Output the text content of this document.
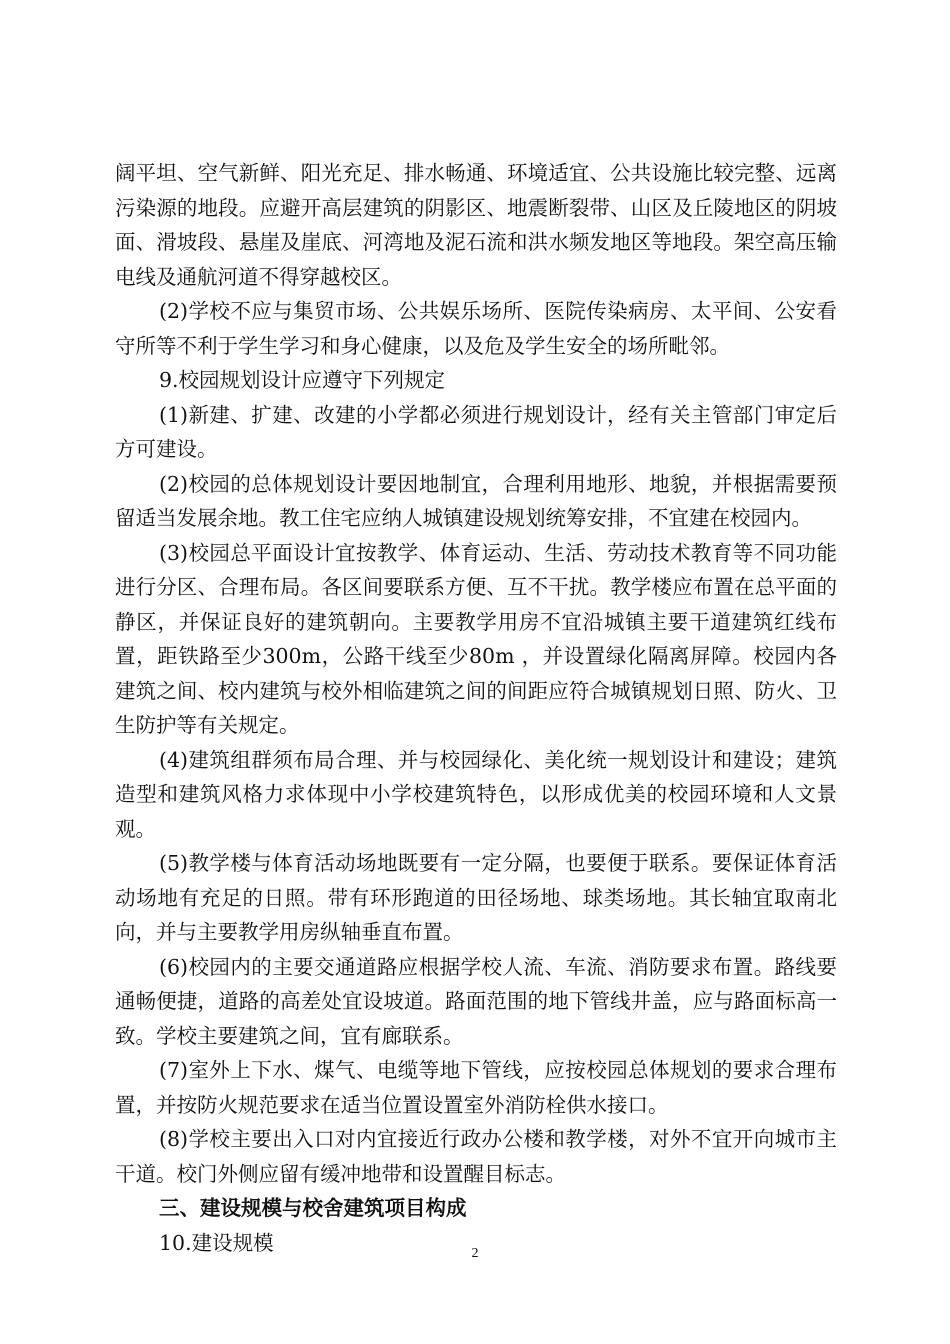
阔平坦、空气新鲜、阳光充足、排水畅通、环境适宜、公共设施比较完整、远离污染源的地段。应避开高层建筑的阴影区、地震断裂带、山区及丘陵地区的阴坡面、滑坡段、悬崖及崖底、河湾地及泥石流和洪水频发地区等地段。架空高压输电线及通航河道不得穿越校区。

(2)学校不应与集贸市场、公共娱乐场所、医院传染病房、太平间、公安看守所等不利于学生学习和身心健康，以及危及学生安全的场所毗邻。

9.校园规划设计应遵守下列规定

(1)新建、扩建、改建的小学都必须进行规划设计，经有关主管部门审定后方可建设。

(2)校园的总体规划设计要因地制宜，合理利用地形、地貌，并根据需要预留适当发展余地。教工住宅应纳人城镇建设规划统筹安排，不宜建在校园内。

(3)校园总平面设计宜按教学、体育运动、生活、劳动技术教育等不同功能进行分区、合理布局。各区间要联系方便、互不干扰。教学楼应布置在总平面的静区，并保证良好的建筑朝向。主要教学用房不宜沿城镇主要干道建筑红线布置，距铁路至少300m，公路干线至少80m ，并设置绿化隔离屏障。校园内各建筑之间、校内建筑与校外相临建筑之间的间距应符合城镇规划日照、防火、卫生防护等有关规定。

(4)建筑组群须布局合理、并与校园绿化、美化统一规划设计和建设；建筑造型和建筑风格力求体现中小学校建筑特色，以形成优美的校园环境和人文景观。

(5)教学楼与体育活动场地既要有一定分隔，也要便于联系。要保证体育活动场地有充足的日照。带有环形跑道的田径场地、球类场地。其长轴宜取南北向，并与主要教学用房纵轴垂直布置。

(6)校园内的主要交通道路应根据学校人流、车流、消防要求布置。路线要通畅便捷，道路的高差处宜设坡道。路面范围的地下管线井盖，应与路面标高一致。学校主要建筑之间，宜有廊联系。

(7)室外上下水、煤气、电缆等地下管线，应按校园总体规划的要求合理布置，并按防火规范要求在适当位置设置室外消防栓供水接口。

(8)学校主要出入口对内宜接近行政办公楼和教学楼，对外不宜开向城市主干道。校门外侧应留有缓冲地带和设置醒目标志。

三、建设规模与校舍建筑项目构成

10.建设规模	2
